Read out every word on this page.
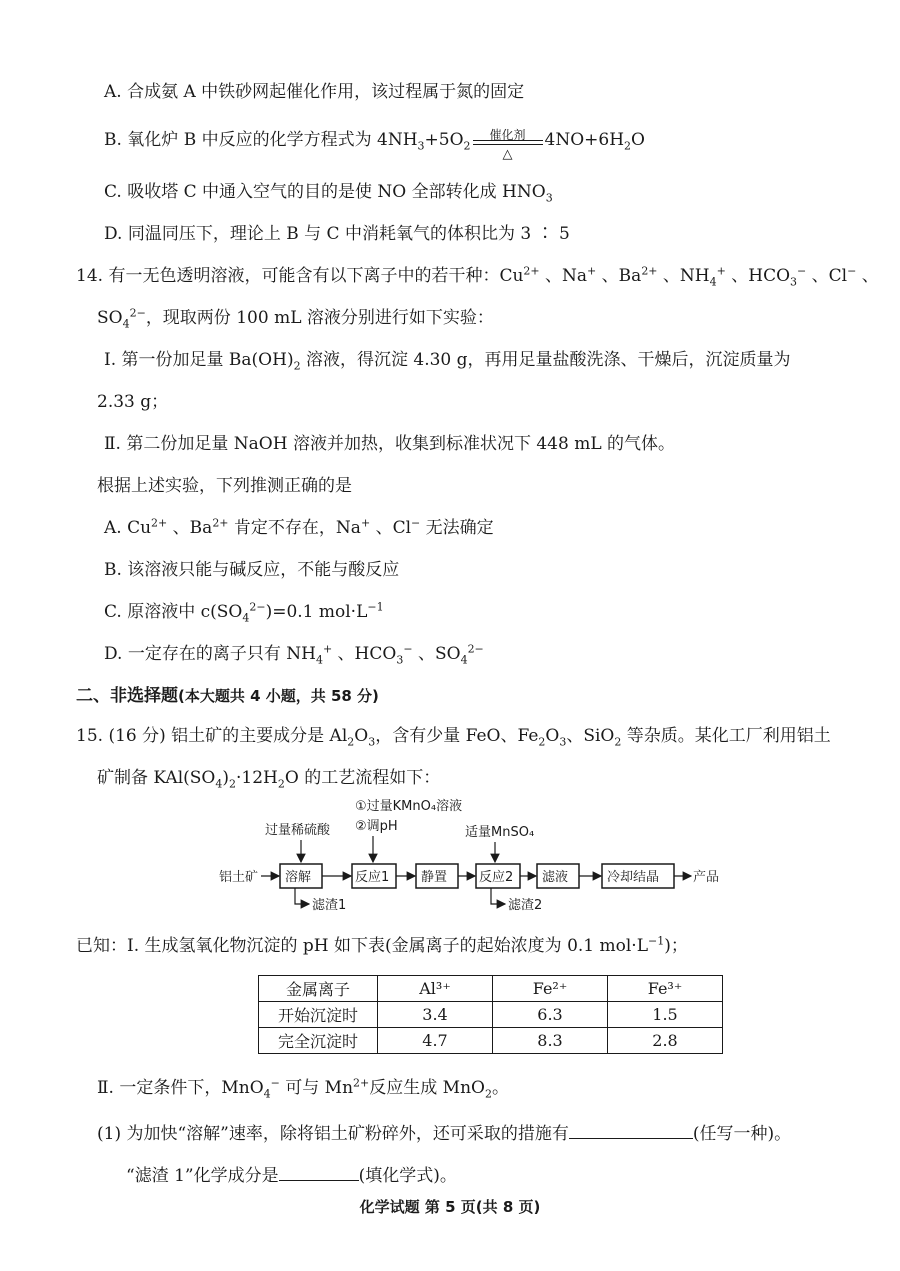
A. 合成氨 A 中铁砂网起催化作用，该过程属于氮的固定
B. 氧化炉 B 中反应的化学方程式为 $4NH_3+5O_2$
催化剂
△
$4NO+6H_2O$
C. 吸收塔 C 中通入空气的目的是使 NO 全部转化成 $HNO_3$
D. 同温同压下，理论上 B 与 C 中消耗氧气的体积比为 3 ∶ 5
14. 有一无色透明溶液，可能含有以下离子中的若干种：$Cu^{2+}$ 、Na+ 、$Ba^{2+}$ 、$NH_4^+$ 、$HCO_3^-$ 、Cl− 、
$SO_4^{2-}$，现取两份 100 mL 溶液分别进行如下实验：
Ⅰ. 第一份加足量 $Ba(OH)_2$ 溶液，得沉淀 4.30 g，再用足量盐酸洗涤、干燥后，沉淀质量为
2.33 g；
Ⅱ. 第二份加足量 NaOH 溶液并加热，收集到标准状况下 448 mL 的气体。
根据上述实验，下列推测正确的是
A. $Cu^{2+}$ 、$Ba^{2+}$ 肯定不存在，Na+ 、Cl− 无法确定
B. 该溶液只能与碱反应，不能与酸反应
C. 原溶液中 $c(SO_4^{2-})=0.1$ $mol\cdot L^{-1}$
D. 一定存在的离子只有 $NH_4^+$ 、$HCO_3^-$ 、$SO_4^{2-}$
二、非选择题(本大题共 4 小题，共 58 分)
15. (16 分) 铝土矿的主要成分是 $Al_2O_3$，含有少量 FeO、$Fe_2O_3$、SiO$_2$ 等杂质。某化工厂利用铝土
矿制备 $KAl(SO_4)_2\cdot 12H_2O$ 的工艺流程如下：
过量稀硫酸
①过量KMnO₄溶液
②调pH	适量MnSO₄
铝土矿 溶解	反应1 静置 反应2 滤液	冷却结晶	产品
滤渣1	滤渣2
已知：Ⅰ. 生成氢氧化物沉淀的 pH 如下表(金属离子的起始浓度为 0.1 $mol\cdot L^{-1}$)；
金属离子	Al³⁺	Fe²⁺	Fe³⁺
开始沉淀时	3.4	6.3	1.5
完全沉淀时	4.7	8.3	2.8
Ⅱ. 一定条件下，MnO$_4$− 可与 $Mn^{2+}$反应生成 MnO$_2$。
(1) 为加快“溶解”速率，除将铝土矿粉碎外，还可采取的措施有	(任写一种)。
“滤渣 1”化学成分是	(填化学式)。
化学试题 第 5 页(共 8 页)
